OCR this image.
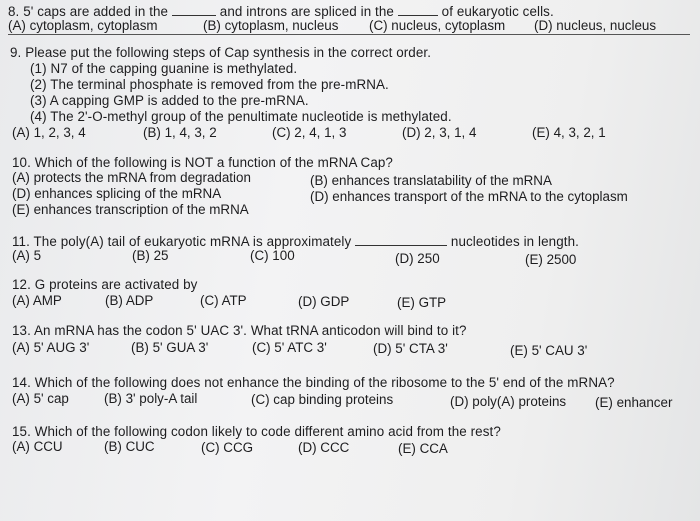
8. 5' caps are added in the	and introns are spliced in the	of eukaryotic cells.
(A) cytoplasm, cytoplasm	(B) cytoplasm, nucleus (C) nucleus, cytoplasm (D) nucleus, nucleus
9. Please put the following steps of Cap synthesis in the correct order.
(1) N7 of the capping guanine is methylated.
(2) The terminal phosphate is removed from the pre-mRNA.
(3) A capping GMP is added to the pre-mRNA.
(4) The 2'-O-methyl group of the penultimate nucleotide is methylated.
(A) 1, 2, 3, 4	(B) 1, 4, 3, 2	(C) 2, 4, 1, 3	(D) 2, 3, 1, 4	(E) 4, 3, 2, 1
10. Which of the following is NOT a function of the mRNA Cap?
(A) protects the mRNA from degradation	(B) enhances translatability of the mRNA
(D) enhances splicing of the mRNA	(D) enhances transport of the mRNA to the cytoplasm
(E) enhances transcription of the mRNA
11. The poly(A) tail of eukaryotic mRNA is approximately	nucleotides in length.
(A) 5	(B) 25	(C) 100	(D) 250	(E) 2500
12. G proteins are activated by
(A) AMP	(B) ADP	(C) ATP	(D) GDP	(E) GTP
13. An mRNA has the codon 5' UAC 3'. What tRNA anticodon will bind to it?
(A) 5' AUG 3'	(B) 5' GUA 3'	(C) 5' ATC 3'	(D) 5' CTA 3'	(E) 5' CAU 3'
14. Which of the following does not enhance the binding of the ribosome to the 5' end of the mRNA?
(A) 5' cap	(B) 3' poly-A tail	(C) cap binding proteins	(D) poly(A) proteins (E) enhancer
15. Which of the following codon likely to code different amino acid from the rest?
(A) CCU	(B) CUC	(C) CCG	(D) CCC	(E) CCA
